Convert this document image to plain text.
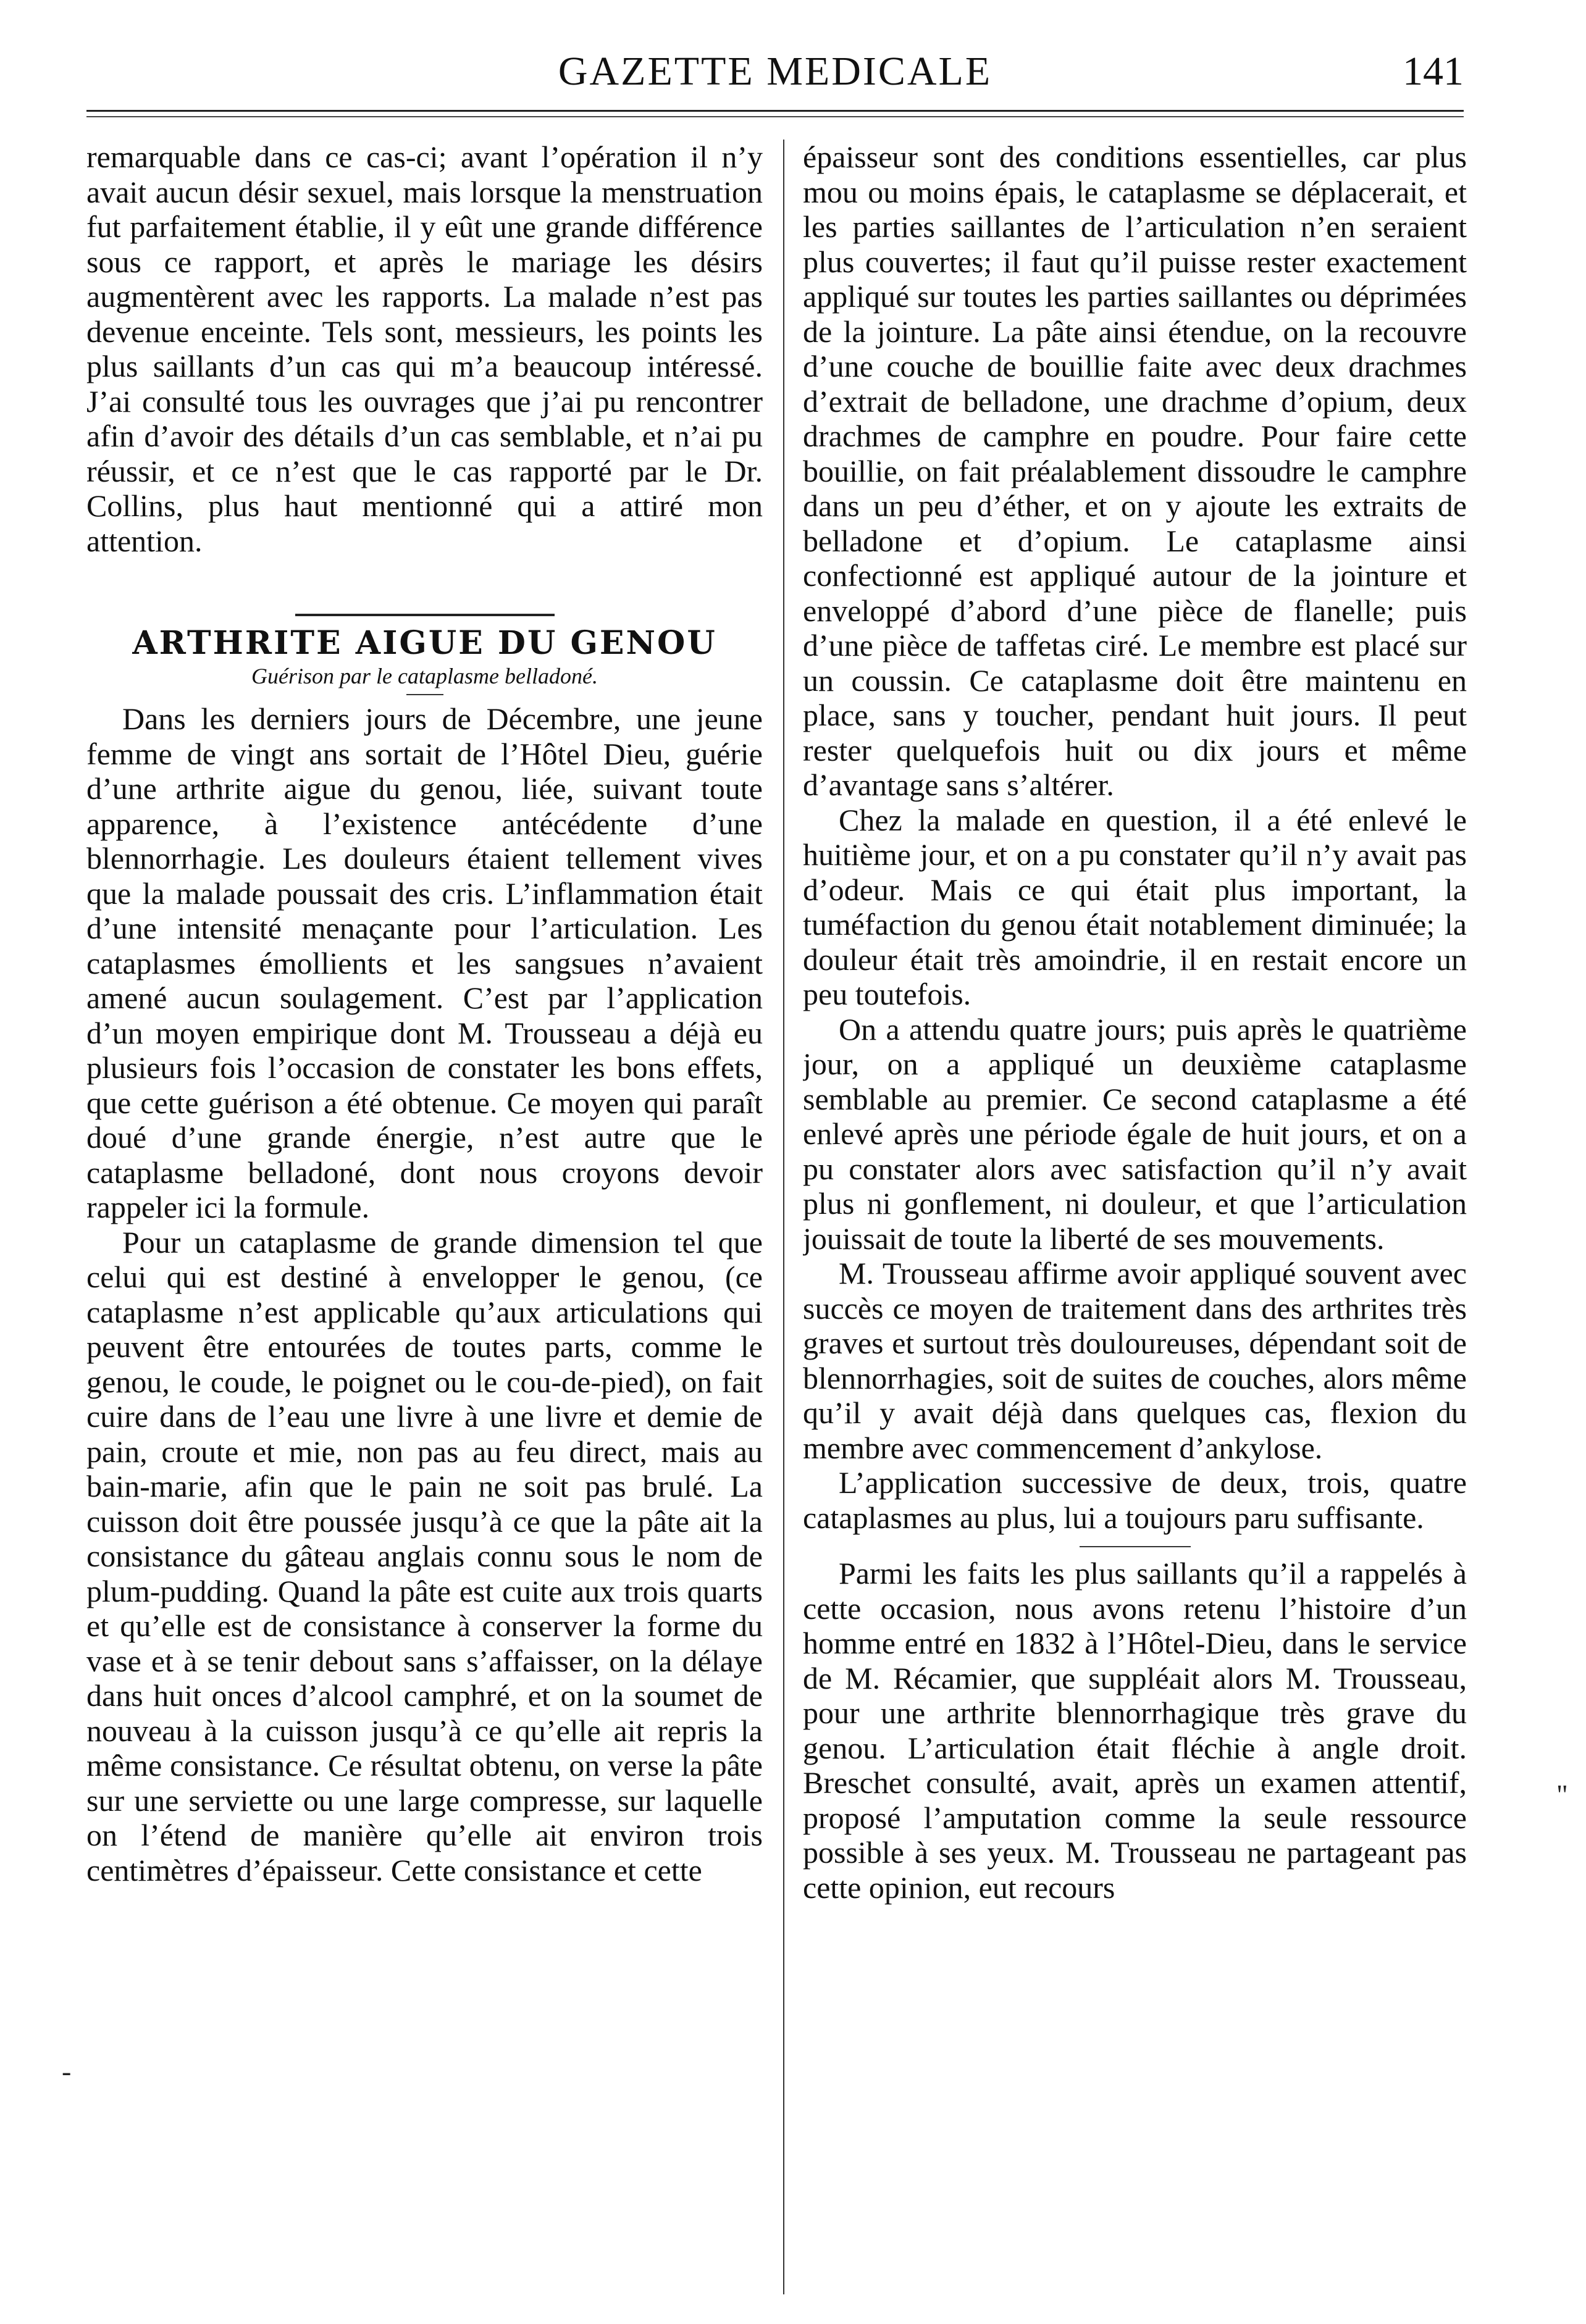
GAZETTE MEDICALE	141

remarquable dans ce cas-ci; avant l’opération il n’y avait aucun désir sexuel, mais lorsque la menstruation fut parfaitement établie, il y eût une grande différence sous ce rapport, et après le mariage les désirs augmentèrent avec les rapports. La malade n’est pas devenue enceinte. Tels sont, messieurs, les points les plus saillants d’un cas qui m’a beaucoup intéressé. J’ai consulté tous les ouvrages que j’ai pu rencontrer afin d’avoir des détails d’un cas semblable, et n’ai pu réussir, et ce n’est que le cas rapporté par le Dr. Collins, plus haut mentionné qui a attiré mon attention.

ARTHRITE AIGUE DU GENOU
Guérison par le cataplasme belladoné.

Dans les derniers jours de Décembre, une jeune femme de vingt ans sortait de l’Hôtel Dieu, guérie d’une arthrite aigue du genou, liée, suivant toute apparence, à l’existence antécédente d’une blennorrhagie. Les douleurs étaient tellement vives que la malade poussait des cris. L’inflammation était d’une intensité menaçante pour l’articulation. Les cataplasmes émollients et les sangsues n’avaient amené aucun soulagement. C’est par l’application d’un moyen empirique dont M. Trousseau a déjà eu plusieurs fois l’occasion de constater les bons effets, que cette guérison a été obtenue. Ce moyen qui paraît doué d’une grande énergie, n’est autre que le cataplasme belladoné, dont nous croyons devoir rappeler ici la formule.

Pour un cataplasme de grande dimension tel que celui qui est destiné à envelopper le genou, (ce cataplasme n’est applicable qu’aux articulations qui peuvent être entourées de toutes parts, comme le genou, le coude, le poignet ou le cou-de-pied), on fait cuire dans de l’eau une livre à une livre et demie de pain, croute et mie, non pas au feu direct, mais au bain-marie, afin que le pain ne soit pas brulé. La cuisson doit être poussée jusqu’à ce que la pâte ait la consistance du gâteau anglais connu sous le nom de plum-pudding. Quand la pâte est cuite aux trois quarts et qu’elle est de consistance à conserver la forme du vase et à se tenir debout sans s’affaisser, on la délaye dans huit onces d’alcool camphré, et on la soumet de nouveau à la cuisson jusqu’à ce qu’elle ait repris la même consistance. Ce résultat obtenu, on verse la pâte sur une serviette ou une large compresse, sur laquelle on l’étend de manière qu’elle ait environ trois centimètres d’épaisseur. Cette consistance et cette

épaisseur sont des conditions essentielles, car plus mou ou moins épais, le cataplasme se déplacerait, et les parties saillantes de l’articulation n’en seraient plus couvertes; il faut qu’il puisse rester exactement appliqué sur toutes les parties saillantes ou déprimées de la jointure. La pâte ainsi étendue, on la recouvre d’une couche de bouillie faite avec deux drachmes d’extrait de belladone, une drachme d’opium, deux drachmes de camphre en poudre. Pour faire cette bouillie, on fait préalablement dissoudre le camphre dans un peu d’éther, et on y ajoute les extraits de belladone et d’opium. Le cataplasme ainsi confectionné est appliqué autour de la jointure et enveloppé d’abord d’une pièce de flanelle; puis d’une pièce de taffetas ciré. Le membre est placé sur un coussin. Ce cataplasme doit être maintenu en place, sans y toucher, pendant huit jours. Il peut rester quelquefois huit ou dix jours et même d’avantage sans s’altérer.

Chez la malade en question, il a été enlevé le huitième jour, et on a pu constater qu’il n’y avait pas d’odeur. Mais ce qui était plus important, la tuméfaction du genou était notablement diminuée; la douleur était très amoindrie, il en restait encore un peu toutefois.

On a attendu quatre jours; puis après le quatrième jour, on a appliqué un deuxième cataplasme semblable au premier. Ce second cataplasme a été enlevé après une période égale de huit jours, et on a pu constater alors avec satisfaction qu’il n’y avait plus ni gonflement, ni douleur, et que l’articulation jouissait de toute la liberté de ses mouvements.

M. Trousseau affirme avoir appliqué souvent avec succès ce moyen de traitement dans des arthrites très graves et surtout très douloureuses, dépendant soit de blennorrhagies, soit de suites de couches, alors même qu’il y avait déjà dans quelques cas, flexion du membre avec commencement d’ankylose.

L’application successive de deux, trois, quatre cataplasmes au plus, lui a toujours paru suffisante.

Parmi les faits les plus saillants qu’il a rappelés à cette occasion, nous avons retenu l’histoire d’un homme entré en 1832 à l’Hôtel-Dieu, dans le service de M. Récamier, que suppléait alors M. Trousseau, pour une arthrite blennorrhagique très grave du genou. L’articulation était fléchie à angle droit. Breschet consulté, avait, après un examen attentif, proposé l’amputation comme la seule ressource possible à ses yeux. M. Trousseau ne partageant pas cette opinion, eut recours

-
"
